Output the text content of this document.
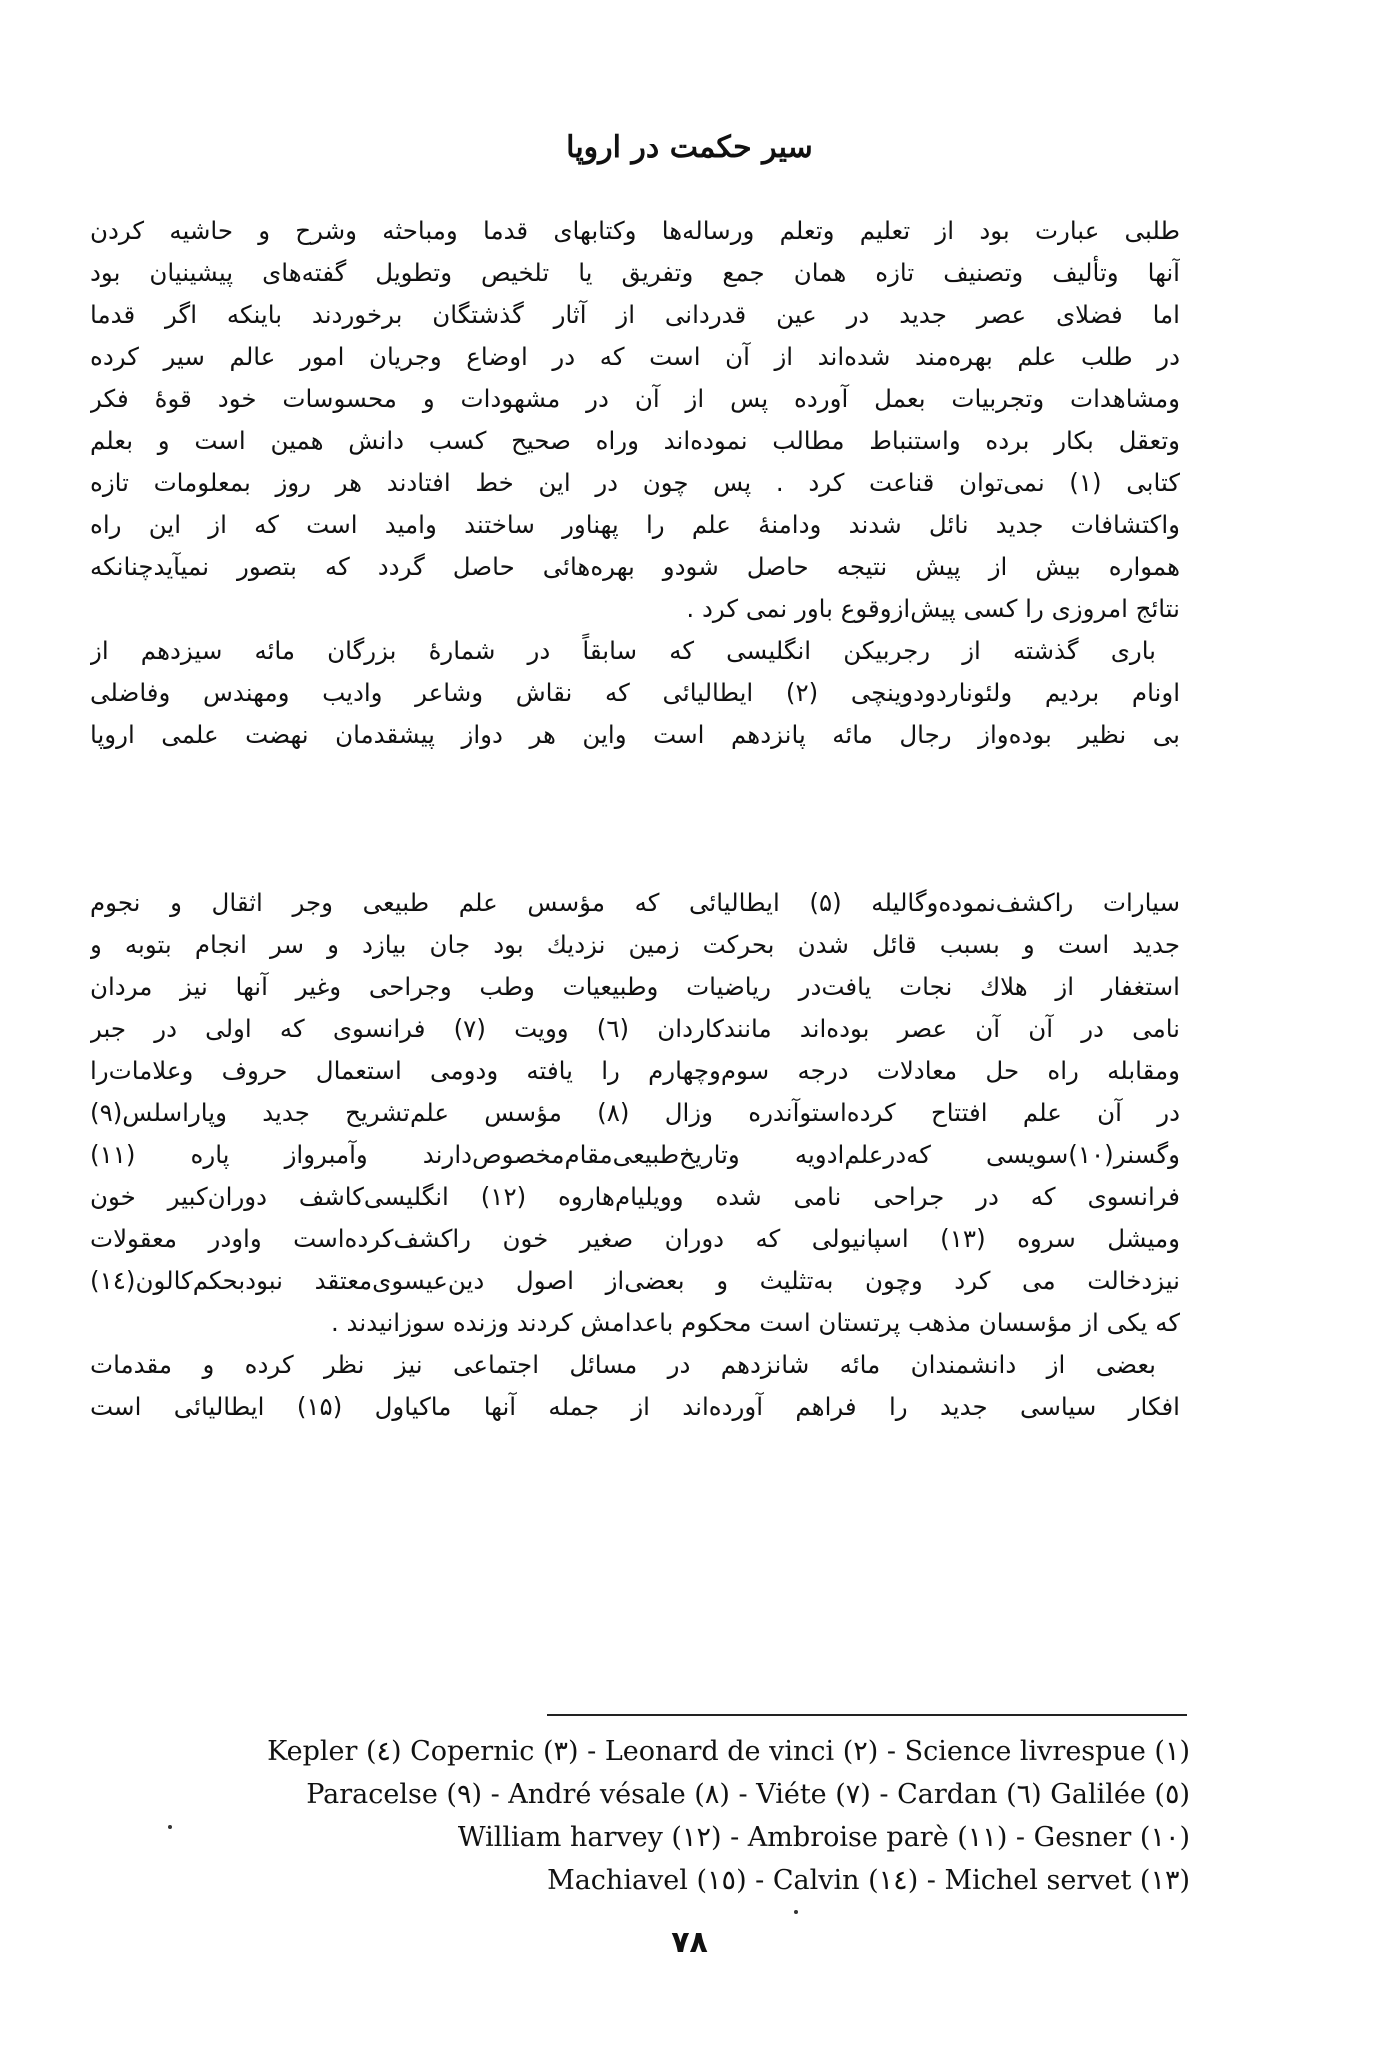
سیر حکمت در اروپا
طلبی عبارت بود از تعلیم وتعلم ورساله‌ها وکتابهای قدما ومباحثه وشرح و حاشیه کردن
آنها وتألیف وتصنیف تازه همان جمع وتفریق یا تلخیص وتطویل گفته‌های پیشینیان بود
اما فضلای عصر جدید در عین قدردانی از آثار گذشتگان برخوردند باینکه اگر قدما
در طلب علم بهره‌مند شده‌اند از آن است که در اوضاع وجریان امور عالم سیر کرده
ومشاهدات وتجربیات بعمل آورده پس از آن در مشهودات و محسوسات خود قوهٔ فکر
وتعقل بکار برده واستنباط مطالب نموده‌اند وراه صحیح کسب دانش همین است و بعلم
کتابی (۱) نمی‌توان قناعت کرد . پس چون در این خط افتادند هر روز بمعلومات تازه
واکتشافات جدید نائل شدند ودامنهٔ علم را پهناور ساختند وامید است که از این راه
همواره بیش از پیش نتیجه حاصل شودو بهره‌هائی حاصل گردد که بتصور نمیآیدچنانکه
نتائج امروزی را کسی پیش‌ازوقوع باور نمی کرد .
باری گذشته از رجربیکن انگلیسی که سابقاً در شمارهٔ بزرگان مائه سیزدهم از
اونام بردیم ولئوناردودوینچی (۲) ایطالیائی که نقاش وشاعر وادیب ومهندس وفاضلی
بی نظیر بوده‌واز رجال مائه پانزدهم است واین هر دواز پیشقدمان نهضت علمی اروپا
سیارات راکشف‌نموده‌وگالیله (۵) ایطالیائی که مؤسس علم طبیعی وجر اثقال و نجوم
جدید است و بسبب قائل شدن بحرکت زمین نزدیك بود جان بیازد و سر انجام بتوبه و
استغفار از هلاك نجات یافت‌در ریاضیات وطبیعیات وطب وجراحی وغیر آنها نیز مردان
نامی در آن آن عصر بوده‌اند مانندکاردان (٦) وویت (۷) فرانسوی که اولی در جبر
ومقابله راه حل معادلات درجه سوم‌وچهارم را یافته ودومی استعمال حروف وعلامات‌را
در آن علم افتتاح کرده‌استوآندره وزال (۸) مؤسس علم‌تشریح جدید وپاراسلس(۹)
وگسنر(۱۰)سویسی که‌درعلم‌ادویه وتاریخ‌طبیعی‌مقام‌مخصوص‌دارند وآمبرواز پاره (۱۱)
فرانسوی که در جراحی نامی شده وویلیام‌هاروه (۱۲) انگلیسی‌کاشف دوران‌کبیر خون
ومیشل سروه (۱۳) اسپانیولی که دوران صغیر خون راکشف‌کرده‌است واودر معقولات
نیزدخالت می کرد وچون به‌تثلیث و بعضی‌از اصول دین‌عیسوی‌معتقد نبودبحکم‌کالون(۱٤)
که یکی از مؤسسان مذهب پرتستان است محکوم باعدامش کردند وزنده سوزانیدند .
بعضی از دانشمندان مائه شانزدهم در مسائل اجتماعی نیز نظر کرده و مقدمات
افکار سیاسی جدید را فراهم آورده‌اند از جمله آنها ماکیاول (۱۵) ایطالیائی است
Kepler (٤) Copernic (٣) - Leonard de vinci (٢) - Science livrespue (١)
Paracelse (٩) - André vésale (٨) - Viéte (٧) - Cardan (٦) Galilée (٥)
William harvey (١٢) - Ambroise parè (١١) - Gesner (١٠)
Machiavel (١٥) - Calvin (١٤) - Michel servet (١٣)
۷۸
